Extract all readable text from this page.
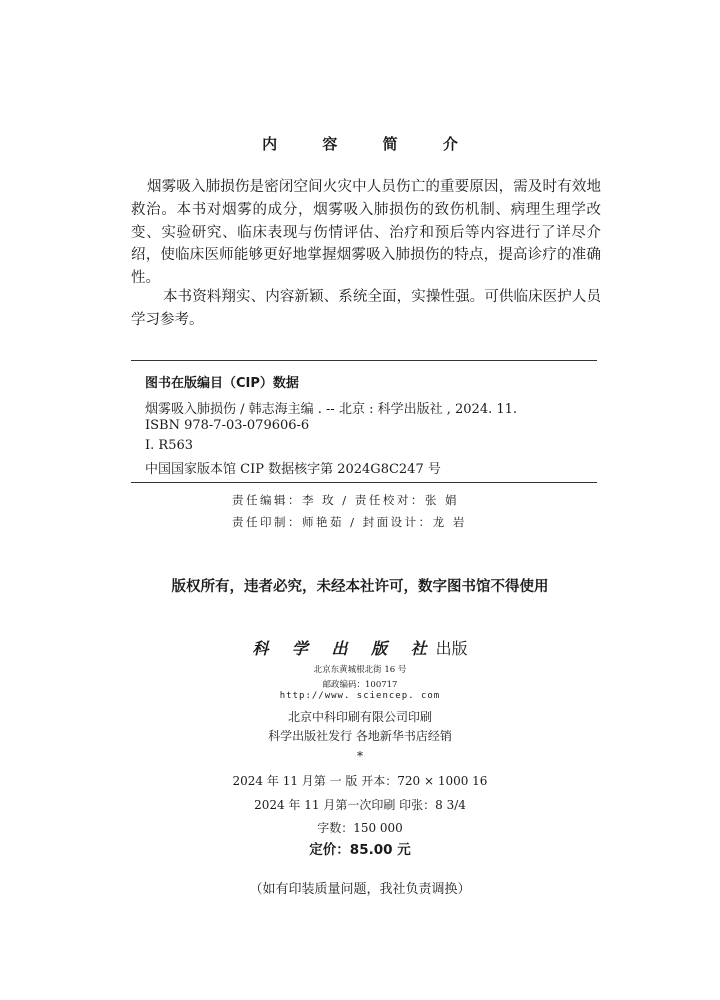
内 容 简 介
烟雾吸入肺损伤是密闭空间火灾中人员伤亡的重要原因，需及时有效地救治。本书对烟雾的成分，烟雾吸入肺损伤的致伤机制、病理生理学改变、实验研究、临床表现与伤情评估、治疗和预后等内容进行了详尽介绍，使临床医师能够更好地掌握烟雾吸入肺损伤的特点，提高诊疗的准确性。
本书资料翔实、内容新颖、系统全面，实操性强。可供临床医护人员学习参考。
图书在版编目（CIP）数据
烟雾吸入肺损伤 / 韩志海主编 . -- 北京 : 科学出版社 , 2024. 11.
ISBN 978-7-03-079606-6
Ⅰ. R563
中国国家版本馆 CIP 数据核字第 2024G8C247 号
责任编辑：李 玫 / 责任校对：张 娟
责任印制：师艳茹 / 封面设计：龙 岩
版权所有，违者必究，未经本社许可，数字图书馆不得使用
科 学 出 版 社出版
北京东黄城根北街 16 号
邮政编码：100717
http://www. sciencep. com
北京中科印刷有限公司印刷
科学出版社发行 各地新华书店经销
*
2024 年 11 月第 一 版 开本：720 × 1000 16
2024 年 11 月第一次印刷 印张：8 3/4
字数：150 000
定价：85.00 元
（如有印装质量问题，我社负责调换）
